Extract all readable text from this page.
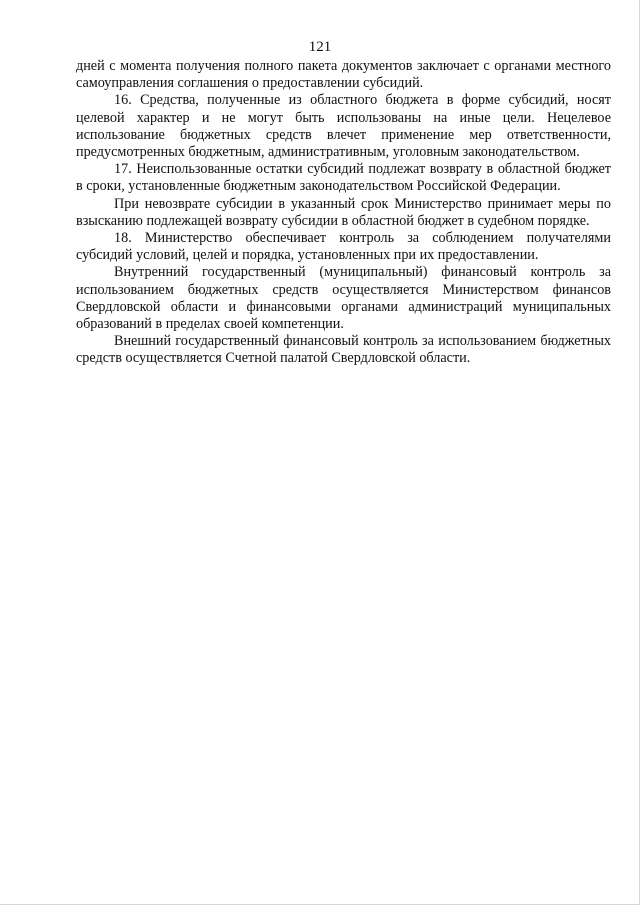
121

дней с момента получения полного пакета документов заключает с органами местного самоуправления соглашения о предоставлении субсидий.

16. Средства, полученные из областного бюджета в форме субсидий, носят целевой характер и не могут быть использованы на иные цели. Нецелевое использование бюджетных средств влечет применение мер ответственности, предусмотренных бюджетным, административным, уголовным законодательством.

17. Неиспользованные остатки субсидий подлежат возврату в областной бюджет в сроки, установленные бюджетным законодательством Российской Федерации.

При невозврате субсидии в указанный срок Министерство принимает меры по взысканию подлежащей возврату субсидии в областной бюджет в судебном порядке.

18. Министерство обеспечивает контроль за соблюдением получателями субсидий условий, целей и порядка, установленных при их предоставлении.

Внутренний государственный (муниципальный) финансовый контроль за использованием бюджетных средств осуществляется Министерством финансов Свердловской области и финансовыми органами администраций муниципальных образований в пределах своей компетенции.

Внешний государственный финансовый контроль за использованием бюджетных средств осуществляется Счетной палатой Свердловской области.
